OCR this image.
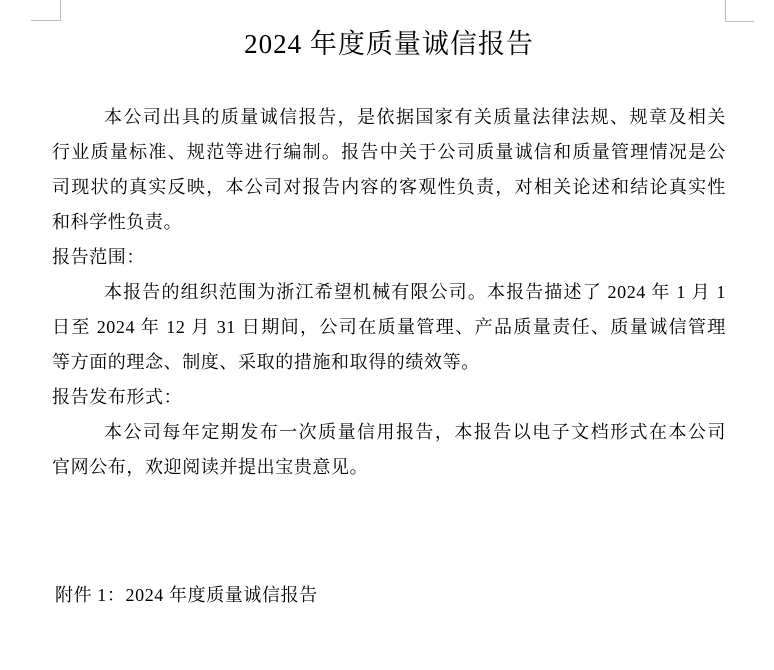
2024 年度质量诚信报告
本公司出具的质量诚信报告，是依据国家有关质量法律法规、规章及相关
行业质量标准、规范等进行编制。报告中关于公司质量诚信和质量管理情况是公
司现状的真实反映，本公司对报告内容的客观性负责，对相关论述和结论真实性
和科学性负责。
报告范围：
本报告的组织范围为浙江希望机械有限公司。本报告描述了 2024 年 1 月 1
日至 2024 年 12 月 31 日期间，公司在质量管理、产品质量责任、质量诚信管理
等方面的理念、制度、采取的措施和取得的绩效等。
报告发布形式：
本公司每年定期发布一次质量信用报告，本报告以电子文档形式在本公司
官网公布，欢迎阅读并提出宝贵意见。
附件 1：2024 年度质量诚信报告
